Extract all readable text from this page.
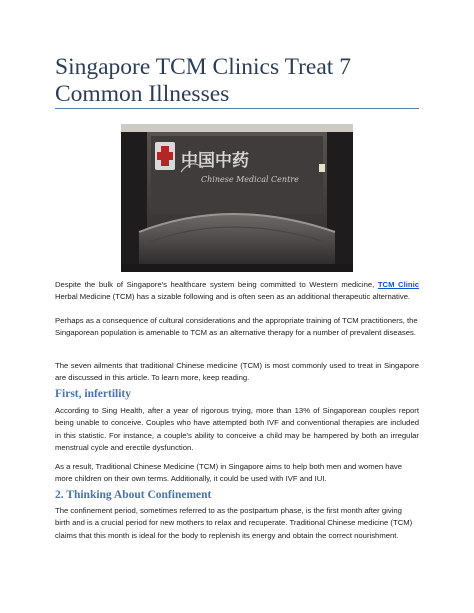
Singapore TCM Clinics Treat 7 Common Illnesses
中国中药
Chinese Medical Centre

Despite the bulk of Singapore's healthcare system being committed to Western medicine, TCM Clinic Herbal Medicine (TCM) has a sizable following and is often seen as an additional therapeutic alternative.

Perhaps as a consequence of cultural considerations and the appropriate training of TCM practitioners, the Singaporean population is amenable to TCM as an alternative therapy for a number of prevalent diseases.

The seven ailments that traditional Chinese medicine (TCM) is most commonly used to treat in Singapore are discussed in this article. To learn more, keep reading.

First, infertility

According to Sing Health, after a year of rigorous trying, more than 13% of Singaporean couples report being unable to conceive. Couples who have attempted both IVF and conventional therapies are included in this statistic. For instance, a couple's ability to conceive a child may be hampered by both an irregular menstrual cycle and erectile dysfunction.

As a result, Traditional Chinese Medicine (TCM) in Singapore aims to help both men and women have more children on their own terms. Additionally, it could be used with IVF and IUI.

2. Thinking About Confinement

The confinement period, sometimes referred to as the postpartum phase, is the first month after giving birth and is a crucial period for new mothers to relax and recuperate. Traditional Chinese medicine (TCM) claims that this month is ideal for the body to replenish its energy and obtain the correct nourishment.
